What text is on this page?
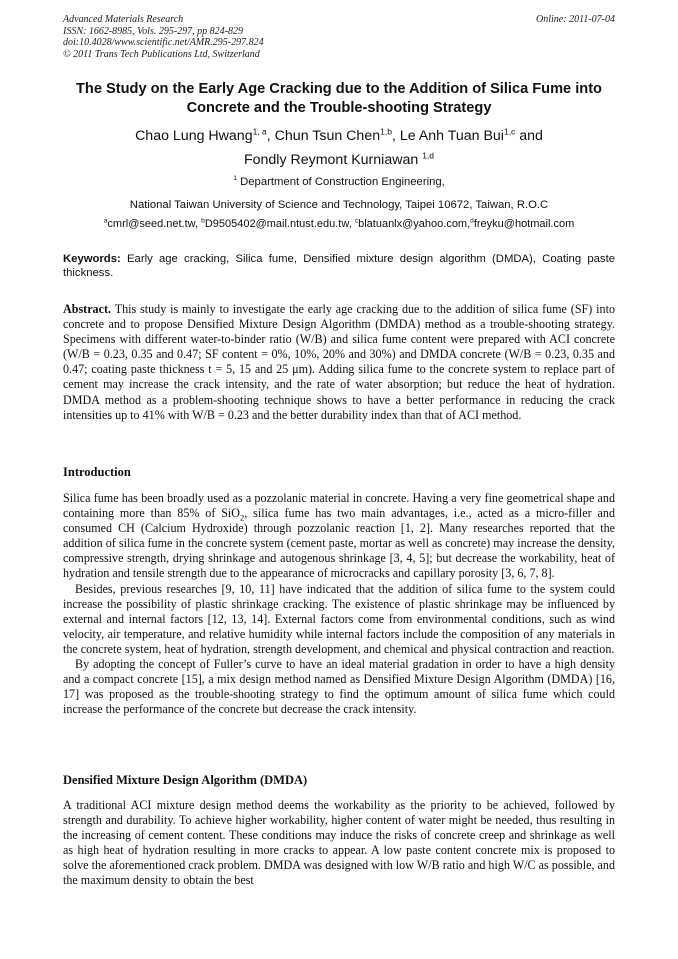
Advanced Materials Research
ISSN: 1662-8985, Vols. 295-297, pp 824-829
doi:10.4028/www.scientific.net/AMR.295-297.824
© 2011 Trans Tech Publications Ltd, Switzerland
Online: 2011-07-04
The Study on the Early Age Cracking due to the Addition of Silica Fume into Concrete and the Trouble-shooting Strategy
Chao Lung Hwang$^{1, a}$, Chun Tsun Chen$^{1,b}$, Le Anh Tuan Bui$^{1,c}$ and
Fondly Reymont Kurniawan $^{1,d}$
$^1$ Department of Construction Engineering,
National Taiwan University of Science and Technology, Taipei 10672, Taiwan, R.O.C
$^a$cmrl@seed.net.tw, $^b$D9505402@mail.ntust.edu.tw, $^c$blatuanlx@yahoo.com,$^d$freyku@hotmail.com
Keywords: Early age cracking, Silica fume, Densified mixture design algorithm (DMDA), Coating paste thickness.

Abstract. This study is mainly to investigate the early age cracking due to the addition of silica fume (SF) into concrete and to propose Densified Mixture Design Algorithm (DMDA) method as a trouble-shooting strategy. Specimens with different water-to-binder ratio (W/B) and silica fume content were prepared with ACI concrete (W/B = 0.23, 0.35 and 0.47; SF content = 0%, 10%, 20% and 30%) and DMDA concrete (W/B = 0.23, 0.35 and 0.47; coating paste thickness t = 5, 15 and 25 μm). Adding silica fume to the concrete system to replace part of cement may increase the crack intensity, and the rate of water absorption; but reduce the heat of hydration. DMDA method as a problem-shooting technique shows to have a better performance in reducing the crack intensities up to 41% with W/B = 0.23 and the better durability index than that of ACI method.

Introduction

Silica fume has been broadly used as a pozzolanic material in concrete. Having a very fine geometrical shape and containing more than 85% of SiO$_2$, silica fume has two main advantages, i.e., acted as a micro-filler and consumed CH (Calcium Hydroxide) through pozzolanic reaction [1, 2]. Many researches reported that the addition of silica fume in the concrete system (cement paste, mortar as well as concrete) may increase the density, compressive strength, drying shrinkage and autogenous shrinkage [3, 4, 5]; but decrease the workability, heat of hydration and tensile strength due to the appearance of microcracks and capillary porosity [3, 6, 7, 8].

Besides, previous researches [9, 10, 11] have indicated that the addition of silica fume to the system could increase the possibility of plastic shrinkage cracking. The existence of plastic shrinkage may be influenced by external and internal factors [12, 13, 14]. External factors come from environmental conditions, such as wind velocity, air temperature, and relative humidity while internal factors include the composition of any materials in the concrete system, heat of hydration, strength development, and chemical and physical contraction and reaction.

By adopting the concept of Fuller’s curve to have an ideal material gradation in order to have a high density and a compact concrete [15], a mix design method named as Densified Mixture Design Algorithm (DMDA) [16, 17] was proposed as the trouble-shooting strategy to find the optimum amount of silica fume which could increase the performance of the concrete but decrease the crack intensity.

Densified Mixture Design Algorithm (DMDA)

A traditional ACI mixture design method deems the workability as the priority to be achieved, followed by strength and durability. To achieve higher workability, higher content of water might be needed, thus resulting in the increasing of cement content. These conditions may induce the risks of concrete creep and shrinkage as well as high heat of hydration resulting in more cracks to appear. A low paste content concrete mix is proposed to solve the aforementioned crack problem. DMDA was designed with low W/B ratio and high W/C as possible, and the maximum density to obtain the best
